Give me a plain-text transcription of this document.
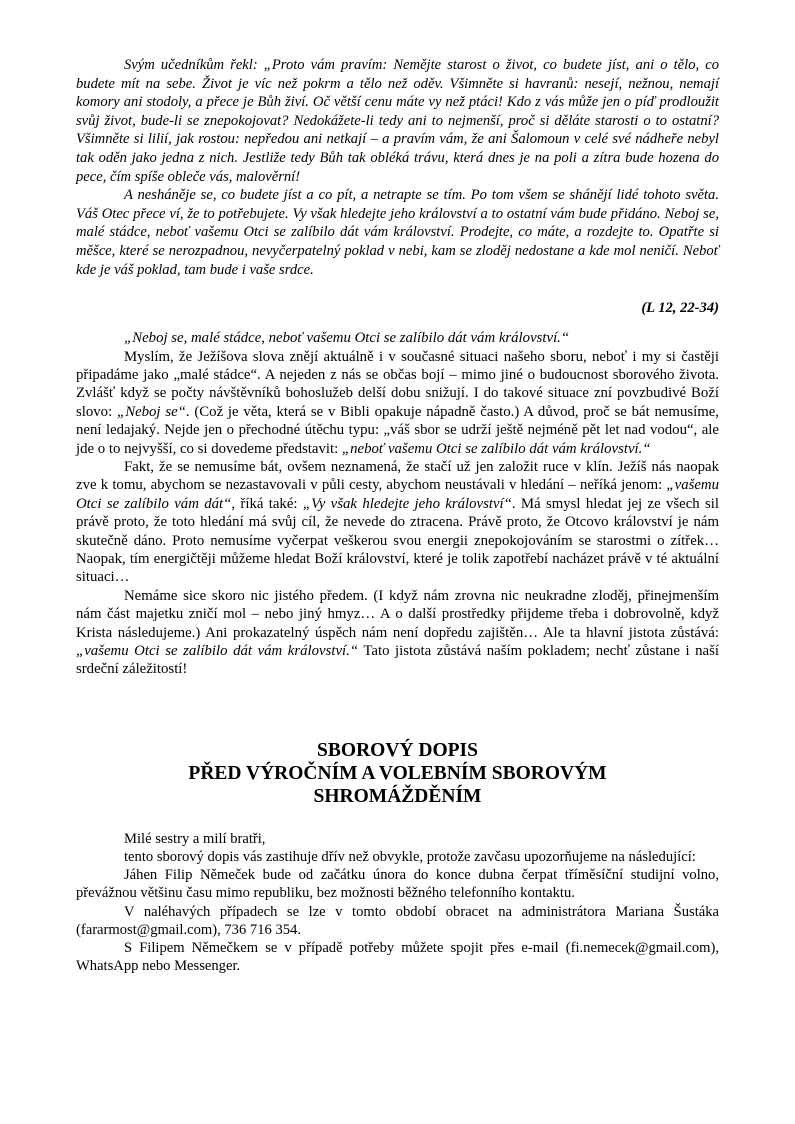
Svým učedníkům řekl: „Proto vám pravím: Nemějte starost o život, co budete jíst, ani o tělo, co budete mít na sebe. Život je víc než pokrm a tělo než oděv. Všimněte si havranů: nesejí, nežnou, nemají komory ani stodoly, a přece je Bůh živí. Oč větší cenu máte vy než ptáci! Kdo z vás může jen o píď prodloužit svůj život, bude-li se znepokojovat? Nedokážete-li tedy ani to nejmenší, proč si děláte starosti o to ostatní? Všimněte si lilií, jak rostou: nepředou ani netkají – a pravím vám, že ani Šalomoun v celé své nádheře nebyl tak oděn jako jedna z nich. Jestliže tedy Bůh tak obléká trávu, která dnes je na poli a zítra bude hozena do pece, čím spíše obleče vás, malověrní!

A nesháněje se, co budete jíst a co pít, a netrapte se tím. Po tom všem se shánějí lidé tohoto světa. Váš Otec přece ví, že to potřebujete. Vy však hledejte jeho království a to ostatní vám bude přidáno. Neboj se, malé stádce, neboť vašemu Otci se zalíbilo dát vám království. Prodejte, co máte, a rozdejte to. Opatřte si měšce, které se nerozpadnou, nevyčerpatelný poklad v nebi, kam se zloděj nedostane a kde mol neničí. Neboť kde je váš poklad, tam bude i vaše srdce.

(L 12, 22-34)

„Neboj se, malé stádce, neboť vašemu Otci se zalíbilo dát vám království.“

Myslím, že Ježíšova slova znějí aktuálně i v současné situaci našeho sboru, neboť i my si častěji připadáme jako „malé stádce“. A nejeden z nás se občas bojí – mimo jiné o budoucnost sborového života. Zvlášť když se počty návštěvníků bohoslužeb delší dobu snižují. I do takové situace zní povzbudivé Boží slovo: „Neboj se“. (Což je věta, která se v Bibli opakuje nápadně často.) A důvod, proč se bát nemusíme, není ledajaký. Nejde jen o přechodné útěchu typu: „váš sbor se udrží ještě nejméně pět let nad vodou“, ale jde o to nejvyšší, co si dovedeme představit: „neboť vašemu Otci se zalíbilo dát vám království.“

Fakt, že se nemusíme bát, ovšem neznamená, že stačí už jen založit ruce v klín. Ježíš nás naopak zve k tomu, abychom se nezastavovali v půli cesty, abychom neustávali v hledání – neříká jenom: „vašemu Otci se zalíbilo vám dát“, říká také: „Vy však hledejte jeho království“. Má smysl hledat jej ze všech sil právě proto, že toto hledání má svůj cíl, že nevede do ztracena. Právě proto, že Otcovo království je nám skutečně dáno. Proto nemusíme vyčerpat veškerou svou energii znepokojováním se starostmi o zítřek… Naopak, tím energičtěji můžeme hledat Boží království, které je tolik zapotřebí nacházet právě v té aktuální situaci…

Nemáme sice skoro nic jistého předem. (I když nám zrovna nic neukradne zloděj, přinejmenším nám část majetku zničí mol – nebo jiný hmyz… A o další prostředky přijdeme třeba i dobrovolně, když Krista následujeme.) Ani prokazatelný úspěch nám není dopředu zajištěn… Ale ta hlavní jistota zůstává: „vašemu Otci se zalíbilo dát vám království.“ Tato jistota zůstává naším pokladem; nechť zůstane i naší srdeční záležitostí!

SBOROVÝ DOPIS
PŘED VÝROČNÍM A VOLEBNÍM SBOROVÝM
SHROMÁŽDĚNÍM

Milé sestry a milí bratři,

tento sborový dopis vás zastihuje dřív než obvykle, protože zavčasu upozorňujeme na následující:

Jáhen Filip Němeček bude od začátku února do konce dubna čerpat tříměsíční studijní volno, převážnou většinu času mimo republiku, bez možnosti běžného telefonního kontaktu.

V naléhavých případech se lze v tomto období obracet na administrátora Mariana Šustáka (fararmost@gmail.com), 736 716 354.

S Filipem Němečkem se v případě potřeby můžete spojit přes e-mail (fi.nemecek@gmail.com), WhatsApp nebo Messenger.
